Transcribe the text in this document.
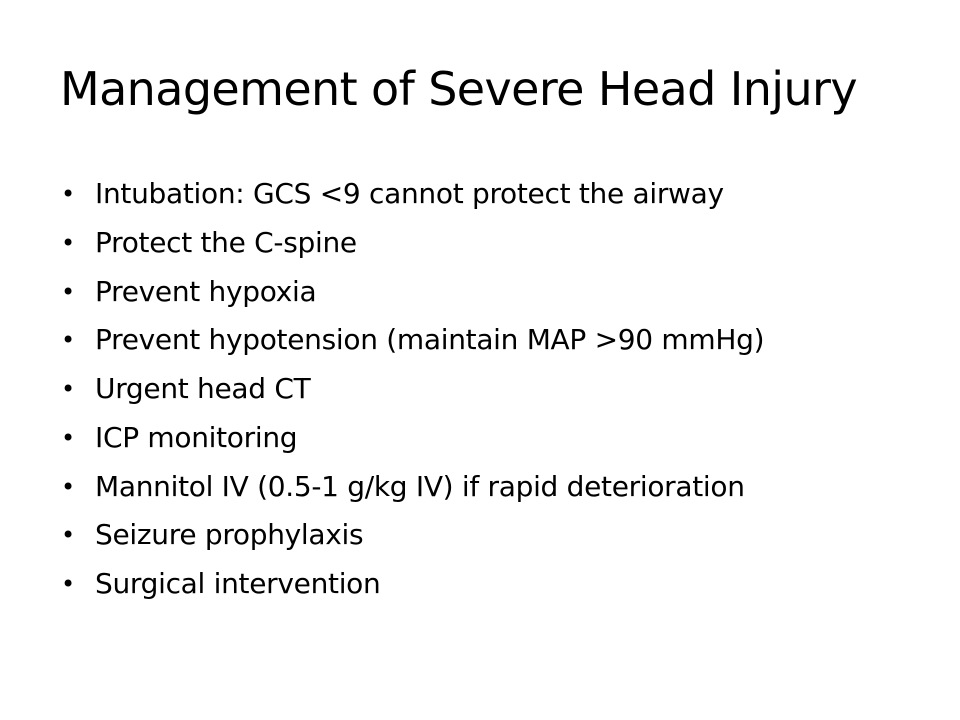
Management of Severe Head Injury
• Intubation: GCS <9 cannot protect the airway
• Protect the C-spine
• Prevent hypoxia
• Prevent hypotension (maintain MAP >90 mmHg)
• Urgent head CT
• ICP monitoring
• Mannitol IV (0.5-1 g/kg IV) if rapid deterioration
• Seizure prophylaxis
• Surgical intervention
